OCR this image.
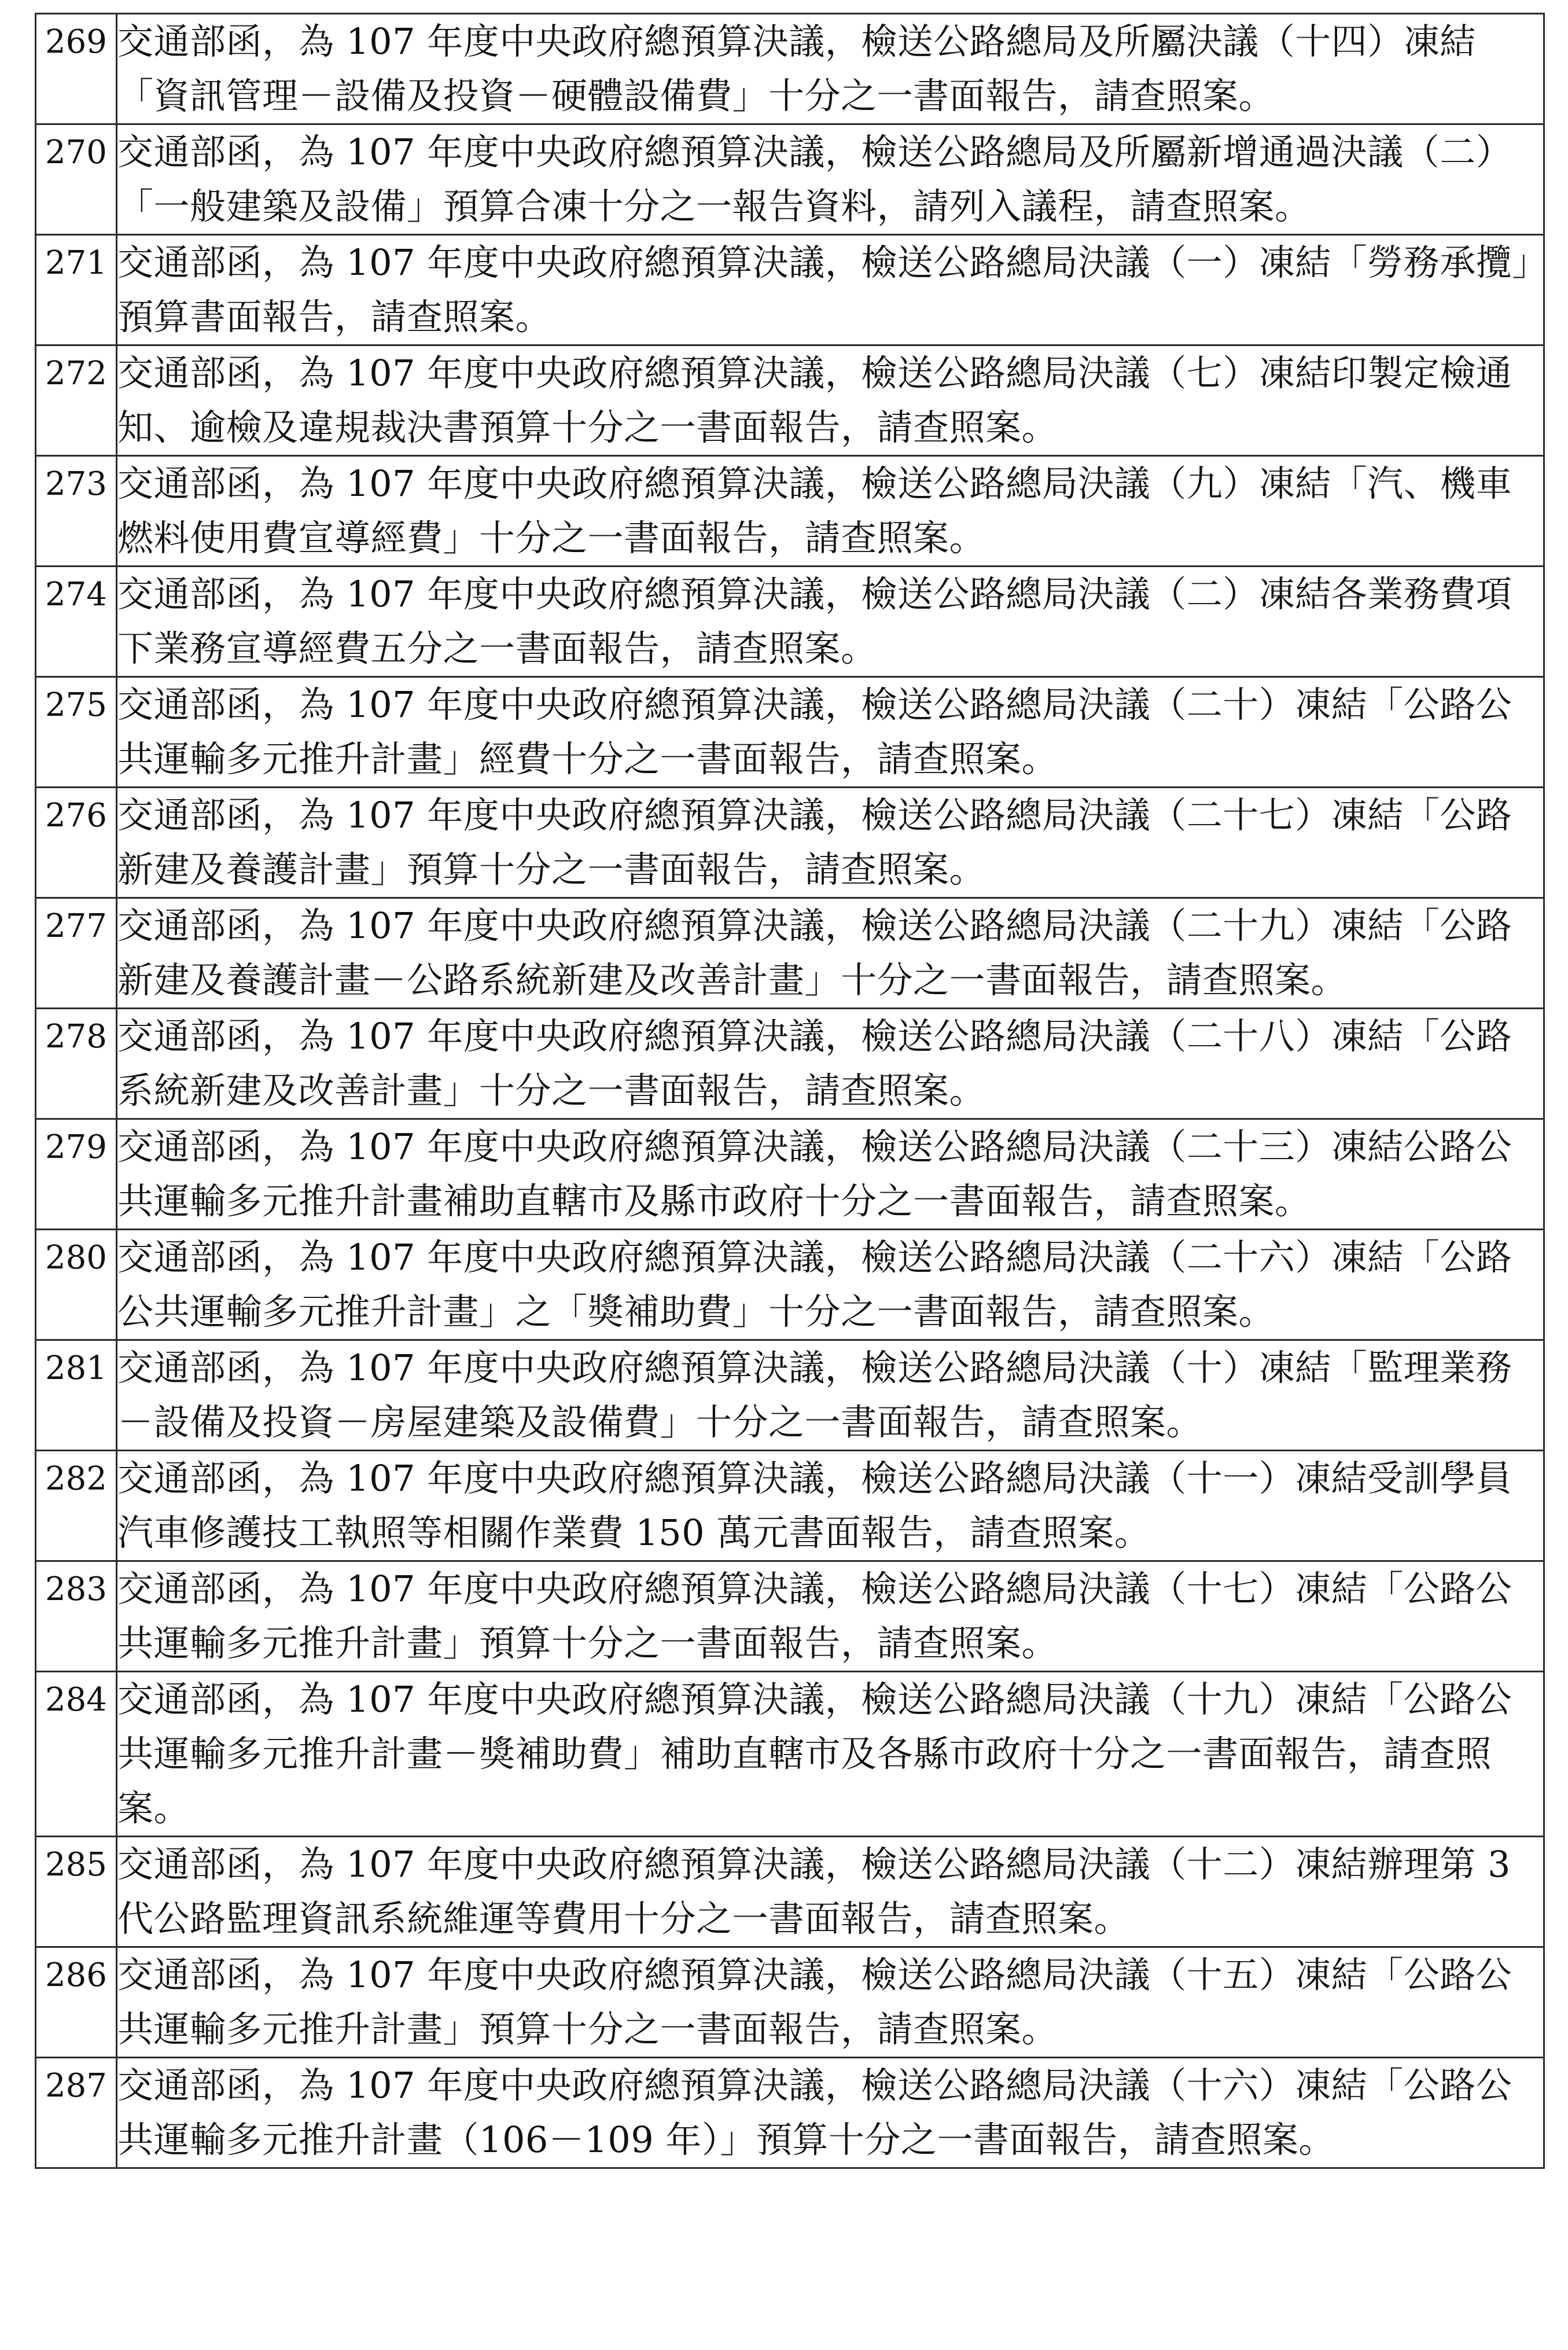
269	交通部函，為 107 年度中央政府總預算決議，檢送公路總局及所屬決議（十四）凍結「資訊管理－設備及投資－硬體設備費」十分之一書面報告，請查照案。
270	交通部函，為 107 年度中央政府總預算決議，檢送公路總局及所屬新增通過決議（二）「一般建築及設備」預算合凍十分之一報告資料，請列入議程，請查照案。
271	交通部函，為 107 年度中央政府總預算決議，檢送公路總局決議（一）凍結「勞務承攬」預算書面報告，請查照案。
272	交通部函，為 107 年度中央政府總預算決議，檢送公路總局決議（七）凍結印製定檢通知、逾檢及違規裁決書預算十分之一書面報告，請查照案。
273	交通部函，為 107 年度中央政府總預算決議，檢送公路總局決議（九）凍結「汽、機車燃料使用費宣導經費」十分之一書面報告，請查照案。
274	交通部函，為 107 年度中央政府總預算決議，檢送公路總局決議（二）凍結各業務費項下業務宣導經費五分之一書面報告，請查照案。
275	交通部函，為 107 年度中央政府總預算決議，檢送公路總局決議（二十）凍結「公路公共運輸多元推升計畫」經費十分之一書面報告，請查照案。
276	交通部函，為 107 年度中央政府總預算決議，檢送公路總局決議（二十七）凍結「公路新建及養護計畫」預算十分之一書面報告，請查照案。
277	交通部函，為 107 年度中央政府總預算決議，檢送公路總局決議（二十九）凍結「公路新建及養護計畫－公路系統新建及改善計畫」十分之一書面報告，請查照案。
278	交通部函，為 107 年度中央政府總預算決議，檢送公路總局決議（二十八）凍結「公路系統新建及改善計畫」十分之一書面報告，請查照案。
279	交通部函，為 107 年度中央政府總預算決議，檢送公路總局決議（二十三）凍結公路公共運輸多元推升計畫補助直轄市及縣市政府十分之一書面報告，請查照案。
280	交通部函，為 107 年度中央政府總預算決議，檢送公路總局決議（二十六）凍結「公路公共運輸多元推升計畫」之「獎補助費」十分之一書面報告，請查照案。
281	交通部函，為 107 年度中央政府總預算決議，檢送公路總局決議（十）凍結「監理業務－設備及投資－房屋建築及設備費」十分之一書面報告，請查照案。
282	交通部函，為 107 年度中央政府總預算決議，檢送公路總局決議（十一）凍結受訓學員汽車修護技工執照等相關作業費 150 萬元書面報告，請查照案。
283	交通部函，為 107 年度中央政府總預算決議，檢送公路總局決議（十七）凍結「公路公共運輸多元推升計畫」預算十分之一書面報告，請查照案。
284	交通部函，為 107 年度中央政府總預算決議，檢送公路總局決議（十九）凍結「公路公共運輸多元推升計畫－獎補助費」補助直轄市及各縣市政府十分之一書面報告，請查照案。
285	交通部函，為 107 年度中央政府總預算決議，檢送公路總局決議（十二）凍結辦理第 3 代公路監理資訊系統維運等費用十分之一書面報告，請查照案。
286	交通部函，為 107 年度中央政府總預算決議，檢送公路總局決議（十五）凍結「公路公共運輸多元推升計畫」預算十分之一書面報告，請查照案。
287	交通部函，為 107 年度中央政府總預算決議，檢送公路總局決議（十六）凍結「公路公共運輸多元推升計畫（106－109 年）」預算十分之一書面報告，請查照案。
